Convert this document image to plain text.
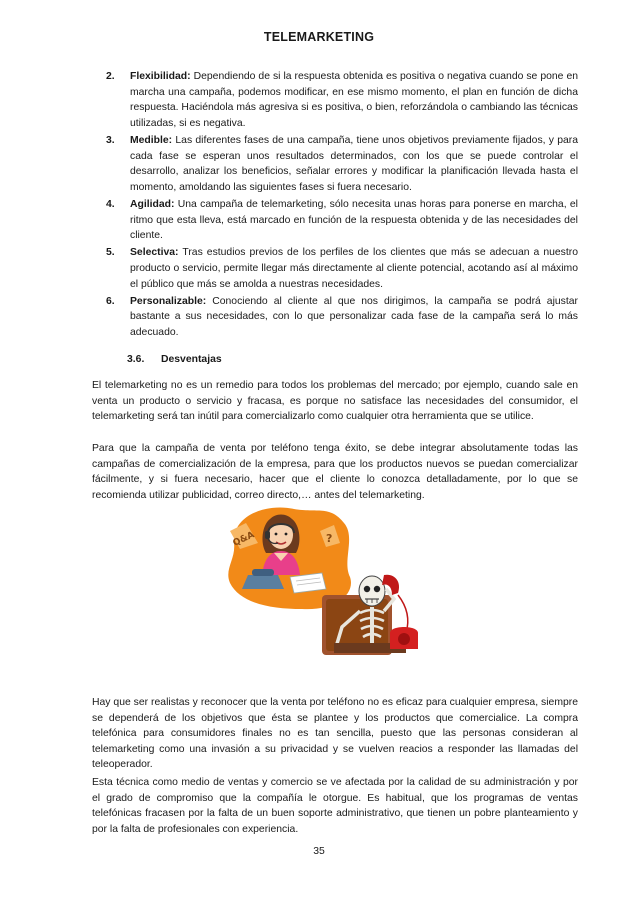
TELEMARKETING
2. Flexibilidad: Dependiendo de si la respuesta obtenida es positiva o negativa cuando se pone en marcha una campaña, podemos modificar, en ese mismo momento, el plan en función de dicha respuesta. Haciéndola más agresiva si es positiva, o bien, reforzándola o cambiando las técnicas utilizadas, si es negativa.
3. Medible: Las diferentes fases de una campaña, tiene unos objetivos previamente fijados, y para cada fase se esperan unos resultados determinados, con los que se puede controlar el desarrollo, analizar los beneficios, señalar errores y modificar la planificación llevada hasta el momento, amoldando las siguientes fases si fuera necesario.
4. Agilidad: Una campaña de telemarketing, sólo necesita unas horas para ponerse en marcha, el ritmo que esta lleva, está marcado en función de la respuesta obtenida y de las necesidades del cliente.
5. Selectiva: Tras estudios previos de los perfiles de los clientes que más se adecuan a nuestro producto o servicio, permite llegar más directamente al cliente potencial, acotando así al máximo el público que más se amolda a nuestras necesidades.
6. Personalizable: Conociendo al cliente al que nos dirigimos, la campaña se podrá ajustar bastante a sus necesidades, con lo que personalizar cada fase de la campaña será lo más adecuado.
3.6. Desventajas

El telemarketing no es un remedio para todos los problemas del mercado; por ejemplo, cuando sale en venta un producto o servicio y fracasa, es porque no satisface las necesidades del consumidor, el telemarketing será tan inútil para comercializarlo como cualquier otra herramienta que se utilice.

Para que la campaña de venta por teléfono tenga éxito, se debe integrar absolutamente todas las campañas de comercialización de la empresa, para que los productos nuevos se puedan comercializar fácilmente, y si fuera necesario, hacer que el cliente lo conozca detalladamente, por lo que se recomienda utilizar publicidad, correo directo,… antes del telemarketing.

Q&A	?

Hay que ser realistas y reconocer que la venta por teléfono no es eficaz para cualquier empresa, siempre se dependerá de los objetivos que ésta se plantee y los productos que comercialice. La compra telefónica para consumidores finales no es tan sencilla, puesto que las personas consideran al telemarketing como una invasión a su privacidad y se vuelven reacios a responder las llamadas del teleoperador.

Esta técnica como medio de ventas y comercio se ve afectada por la calidad de su administración y por el grado de compromiso que la compañía le otorgue. Es habitual, que los programas de ventas telefónicas fracasen por la falta de un buen soporte administrativo, que tienen un pobre planteamiento y por la falta de profesionales con experiencia.

35
